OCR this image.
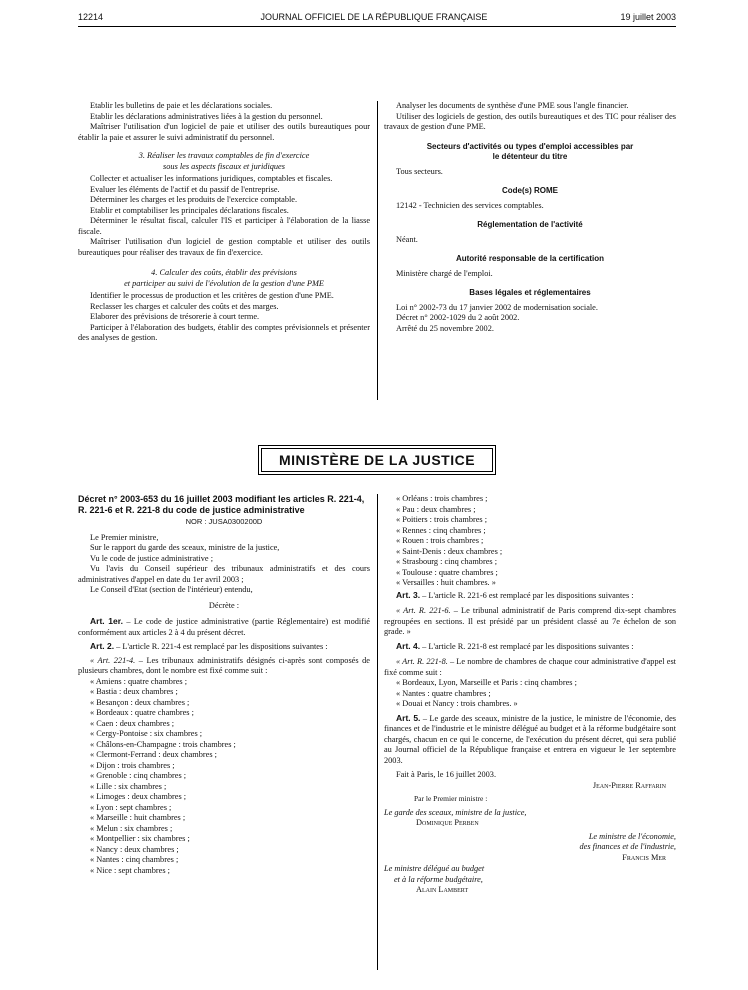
12214	JOURNAL OFFICIEL DE LA RÉPUBLIQUE FRANÇAISE	19 juillet 2003

Etablir les bulletins de paie et les déclarations sociales.

Etablir les déclarations administratives liées à la gestion du personnel.

Maîtriser l'utilisation d'un logiciel de paie et utiliser des outils bureautiques pour établir la paie et assurer le suivi administratif du personnel.

3. Réaliser les travaux comptables de fin d'exercice
sous les aspects fiscaux et juridiques

Collecter et actualiser les informations juridiques, comptables et fiscales.

Evaluer les éléments de l'actif et du passif de l'entreprise.

Déterminer les charges et les produits de l'exercice comptable.

Etablir et comptabiliser les principales déclarations fiscales.

Déterminer le résultat fiscal, calculer l'IS et participer à l'élaboration de la liasse fiscale.

Maîtriser l'utilisation d'un logiciel de gestion comptable et utiliser des outils bureautiques pour réaliser des travaux de fin d'exercice.

4. Calculer des coûts, établir des prévisions
et participer au suivi de l'évolution de la gestion d'une PME

Identifier le processus de production et les critères de gestion d'une PME.

Reclasser les charges et calculer des coûts et des marges.

Elaborer des prévisions de trésorerie à court terme.

Participer à l'élaboration des budgets, établir des comptes prévisionnels et présenter des analyses de gestion.

Analyser les documents de synthèse d'une PME sous l'angle financier.

Utiliser des logiciels de gestion, des outils bureautiques et des TIC pour réaliser des travaux de gestion d'une PME.

Secteurs d'activités ou types d'emploi accessibles par le détenteur du titre

Tous secteurs.

Code(s) ROME

12142 - Technicien des services comptables.

Réglementation de l'activité

Néant.

Autorité responsable de la certification

Ministère chargé de l'emploi.

Bases légales et réglementaires

Loi n° 2002-73 du 17 janvier 2002 de modernisation sociale.

Décret n° 2002-1029 du 2 août 2002.

Arrêté du 25 novembre 2002.

MINISTÈRE DE LA JUSTICE
Décret n° 2003-653 du 16 juillet 2003 modifiant les articles R. 221-4, R. 221-6 et R. 221-8 du code de justice administrative
NOR : JUSA0300200D

Le Premier ministre,

Sur le rapport du garde des sceaux, ministre de la justice,

Vu le code de justice administrative ;

Vu l'avis du Conseil supérieur des tribunaux administratifs et des cours administratives d'appel en date du 1er avril 2003 ;

Le Conseil d'Etat (section de l'intérieur) entendu,

Décrète :

Art. 1er. – Le code de justice administrative (partie Réglementaire) est modifié conformément aux articles 2 à 4 du présent décret.

Art. 2. – L'article R. 221-4 est remplacé par les dispositions suivantes :

« Art. 221-4. – Les tribunaux administratifs désignés ci-après sont composés de plusieurs chambres, dont le nombre est fixé comme suit :

« Amiens : quatre chambres ;

« Bastia : deux chambres ;

« Besançon : deux chambres ;

« Bordeaux : quatre chambres ;

« Caen : deux chambres ;

« Cergy-Pontoise : six chambres ;

« Châlons-en-Champagne : trois chambres ;

« Clermont-Ferrand : deux chambres ;

« Dijon : trois chambres ;

« Grenoble : cinq chambres ;

« Lille : six chambres ;

« Limoges : deux chambres ;

« Lyon : sept chambres ;

« Marseille : huit chambres ;

« Melun : six chambres ;

« Montpellier : six chambres ;

« Nancy : deux chambres ;

« Nantes : cinq chambres ;

« Nice : sept chambres ;

« Orléans : trois chambres ;

« Pau : deux chambres ;

« Poitiers : trois chambres ;

« Rennes : cinq chambres ;

« Rouen : trois chambres ;

« Saint-Denis : deux chambres ;

« Strasbourg : cinq chambres ;

« Toulouse : quatre chambres ;

« Versailles : huit chambres. »

Art. 3. – L'article R. 221-6 est remplacé par les dispositions suivantes :

« Art. R. 221-6. – Le tribunal administratif de Paris comprend dix-sept chambres regroupées en sections. Il est présidé par un président classé au 7e échelon de son grade. »

Art. 4. – L'article R. 221-8 est remplacé par les dispositions suivantes :

« Art. R. 221-8. – Le nombre de chambres de chaque cour administrative d'appel est fixé comme suit :

« Bordeaux, Lyon, Marseille et Paris : cinq chambres ;

« Nantes : quatre chambres ;

« Douai et Nancy : trois chambres. »

Art. 5. – Le garde des sceaux, ministre de la justice, le ministre de l'économie, des finances et de l'industrie et le ministre délégué au budget et à la réforme budgétaire sont chargés, chacun en ce qui le concerne, de l'exécution du présent décret, qui sera publié au Journal officiel de la République française et entrera en vigueur le 1er septembre 2003.

Fait à Paris, le 16 juillet 2003.

Jean-Pierre Raffarin

Par le Premier ministre :

Le garde des sceaux, ministre de la justice,

Dominique Perben

Le ministre de l'économie,

des finances et de l'industrie,

Francis Mer

Le ministre délégué au budget

et à la réforme budgétaire,

Alain Lambert
